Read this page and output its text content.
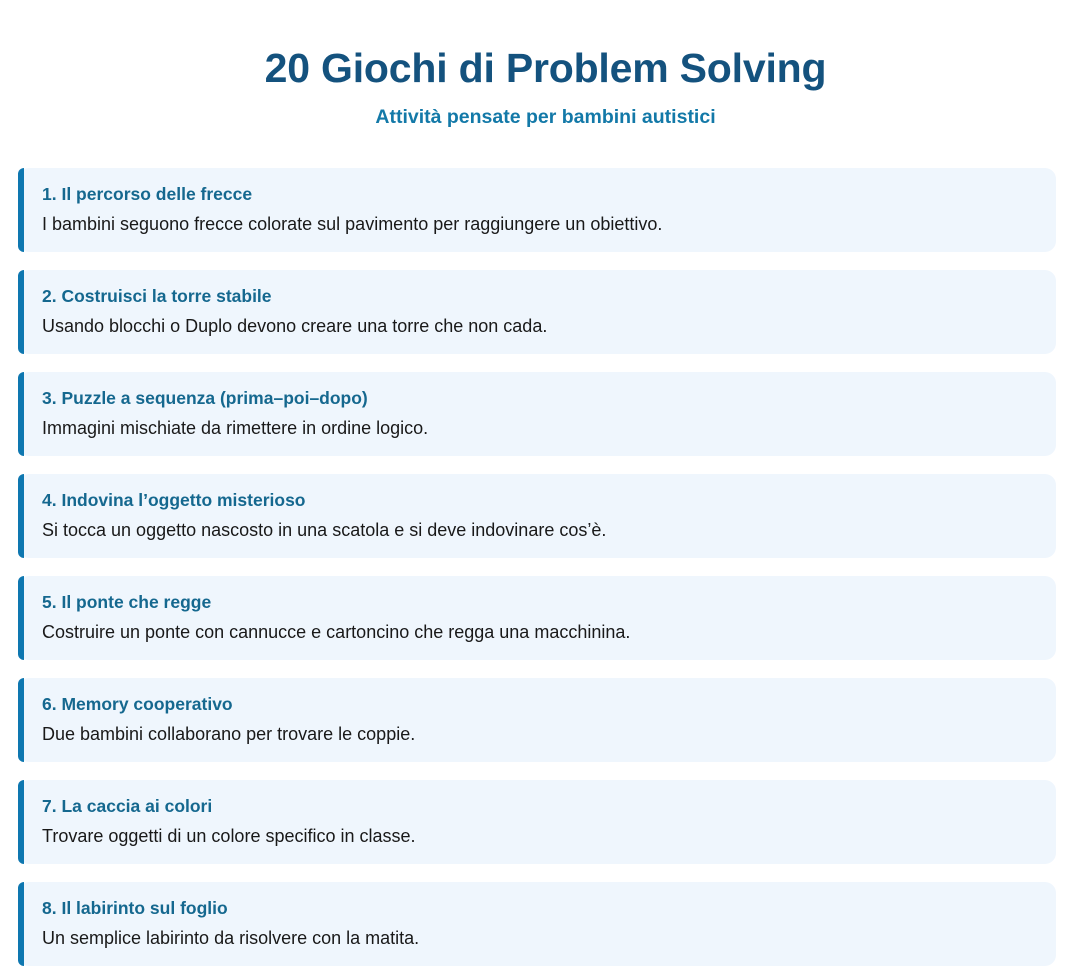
20 Giochi di Problem Solving
Attività pensate per bambini autistici
1. Il percorso delle frecce

I bambini seguono frecce colorate sul pavimento per raggiungere un obiettivo.

2. Costruisci la torre stabile

Usando blocchi o Duplo devono creare una torre che non cada.

3. Puzzle a sequenza (prima–poi–dopo)

Immagini mischiate da rimettere in ordine logico.

4. Indovina l’oggetto misterioso

Si tocca un oggetto nascosto in una scatola e si deve indovinare cos’è.

5. Il ponte che regge

Costruire un ponte con cannucce e cartoncino che regga una macchinina.

6. Memory cooperativo

Due bambini collaborano per trovare le coppie.

7. La caccia ai colori

Trovare oggetti di un colore specifico in classe.

8. Il labirinto sul foglio

Un semplice labirinto da risolvere con la matita.
